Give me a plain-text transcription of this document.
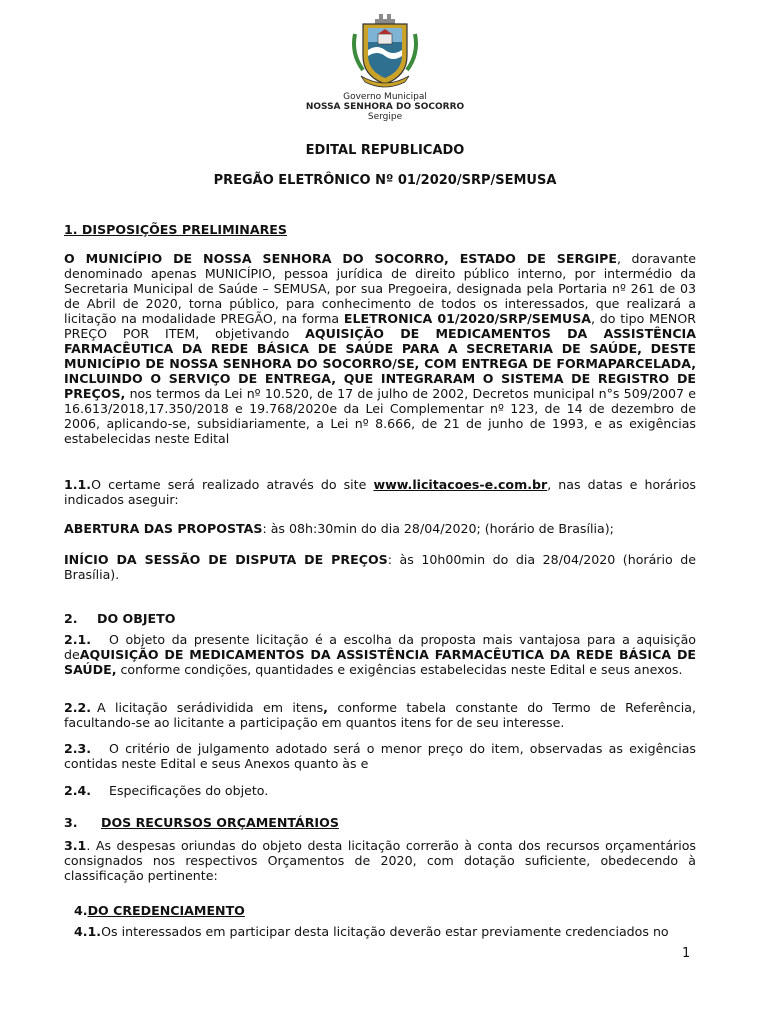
Governo Municipal
NOSSA SENHORA DO SOCORRO
Sergipe
EDITAL REPUBLICADO
PREGÃO ELETRÔNICO Nº 01/2020/SRP/SEMUSA
1. DISPOSIÇÕES PRELIMINARES

O MUNICÍPIO DE NOSSA SENHORA DO SOCORRO, ESTADO DE SERGIPE, doravante denominado apenas MUNICÍPIO, pessoa jurídica de direito público interno, por intermédio da Secretaria Municipal de Saúde – SEMUSA, por sua Pregoeira, designada pela Portaria nº 261 de 03 de Abril de 2020, torna público, para conhecimento de todos os interessados, que realizará a licitação na modalidade PREGÃO, na forma ELETRONICA 01/2020/SRP/SEMUSA, do tipo MENOR PREÇO POR ITEM, objetivando AQUISIÇÃO DE MEDICAMENTOS DA ASSISTÊNCIA FARMACÊUTICA DA REDE BÁSICA DE SAÚDE PARA A SECRETARIA DE SAÚDE, DESTE MUNICÍPIO DE NOSSA SENHORA DO SOCORRO/SE, COM ENTREGA DE FORMAPARCELADA, INCLUINDO O SERVIÇO DE ENTREGA, QUE INTEGRARAM O SISTEMA DE REGISTRO DE PREÇOS, nos termos da Lei nº 10.520, de 17 de julho de 2002, Decretos municipal n°s 509/2007 e 16.613/2018,17.350/2018 e 19.768/2020e da Lei Complementar nº 123, de 14 de dezembro de 2006, aplicando-se, subsidiariamente, a Lei nº 8.666, de 21 de junho de 1993, e as exigências estabelecidas neste Edital

1.1.O certame será realizado através do site www.licitacoes-e.com.br, nas datas e horários indicados aseguir:

ABERTURA DAS PROPOSTAS: às 08h:30min do dia 28/04/2020; (horário de Brasília);

INÍCIO DA SESSÃO DE DISPUTA DE PREÇOS: às 10h00min do dia 28/04/2020 (horário de Brasília).

2. DO OBJETO

2.1. O objeto da presente licitação é a escolha da proposta mais vantajosa para a aquisição deAQUISIÇÃO DE MEDICAMENTOS DA ASSISTÊNCIA FARMACÊUTICA DA REDE BÁSICA DE SAÚDE, conforme condições, quantidades e exigências estabelecidas neste Edital e seus anexos.

2.2. A licitação serádividida em itens, conforme tabela constante do Termo de Referência, facultando-se ao licitante a participação em quantos itens for de seu interesse.

2.3. O critério de julgamento adotado será o menor preço do item, observadas as exigências contidas neste Edital e seus Anexos quanto às e

2.4. Especificações do objeto.

3. DOS RECURSOS ORÇAMENTÁRIOS

3.1. As despesas oriundas do objeto desta licitação correrão à conta dos recursos orçamentários consignados nos respectivos Orçamentos de 2020, com dotação suficiente, obedecendo à classificação pertinente:

4.DO CREDENCIAMENTO

4.1.Os interessados em participar desta licitação deverão estar previamente credenciados no

1
